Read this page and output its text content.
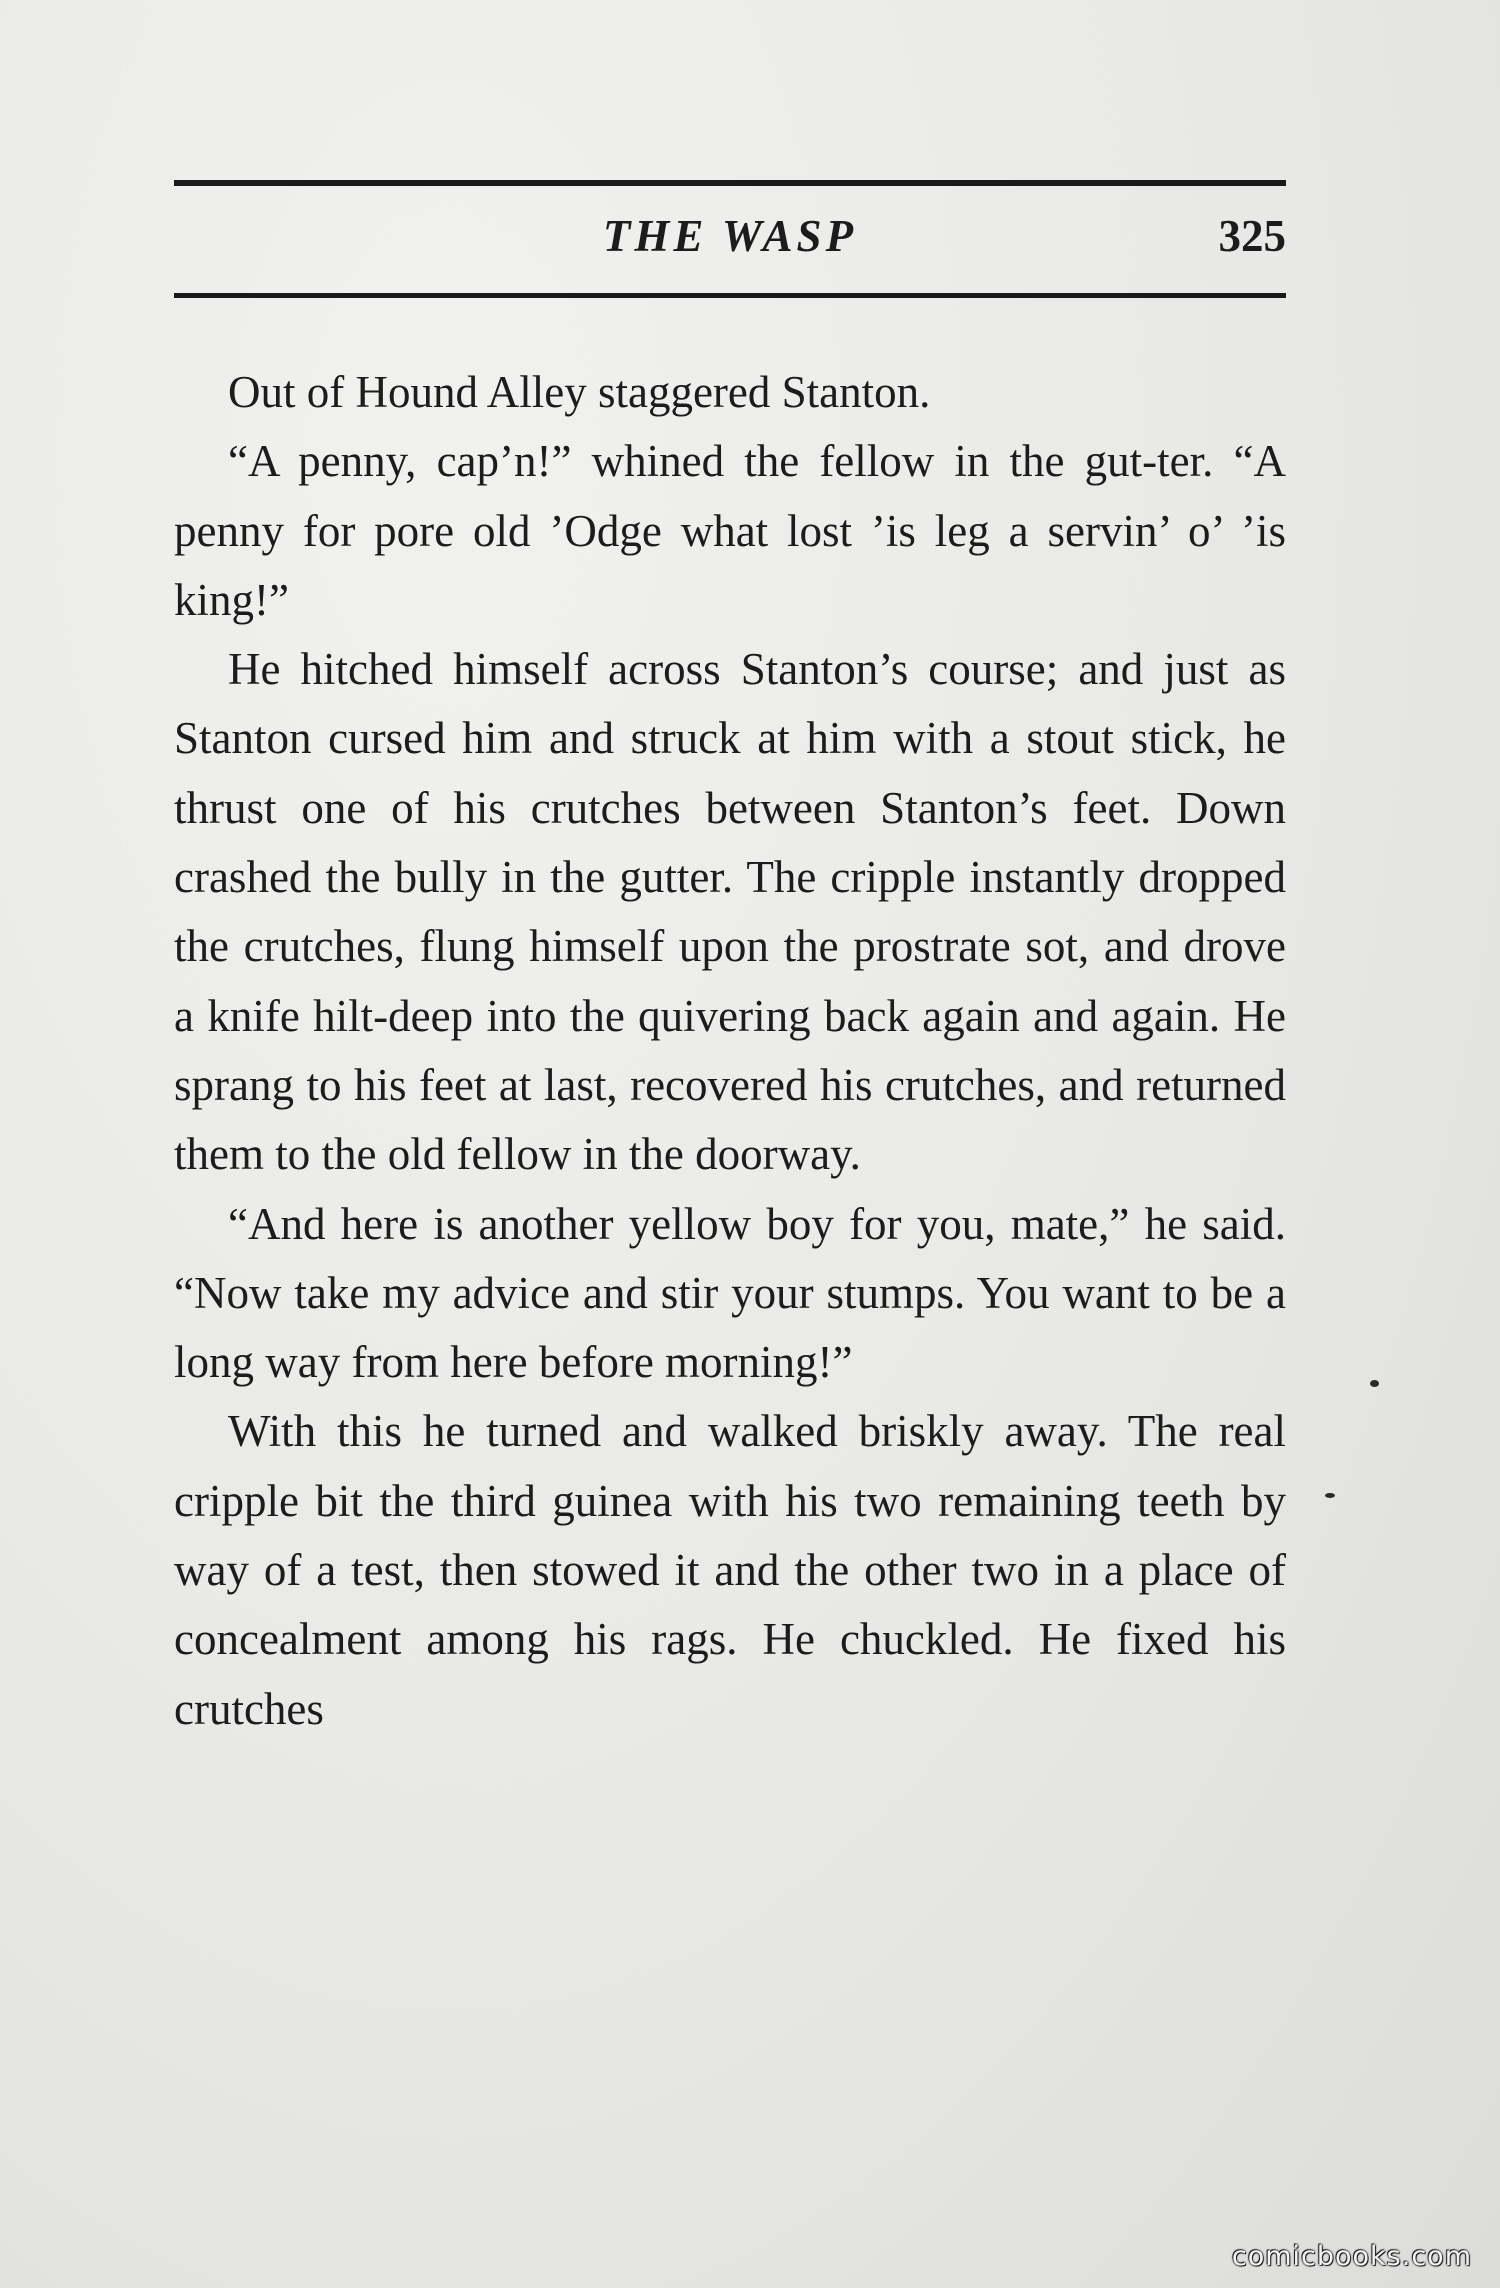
THE WASP	325

Out of Hound Alley staggered Stanton.

“A penny, cap’n!” whined the fellow in the gut-ter. “A penny for pore old ’Odge what lost ’is leg a servin’ o’ ’is king!”

He hitched himself across Stanton’s course; and just as Stanton cursed him and struck at him with a stout stick, he thrust one of his crutches between Stanton’s feet. Down crashed the bully in the gutter. The cripple instantly dropped the crutches, flung himself upon the prostrate sot, and drove a knife hilt-deep into the quivering back again and again. He sprang to his feet at last, recovered his crutches, and returned them to the old fellow in the doorway.

“And here is another yellow boy for you, mate,” he said. “Now take my advice and stir your stumps. You want to be a long way from here before morning!”

With this he turned and walked briskly away. The real cripple bit the third guinea with his two remaining teeth by way of a test, then stowed it and the other two in a place of concealment among his rags. He chuckled. He fixed his crutches

comicbooks.com
